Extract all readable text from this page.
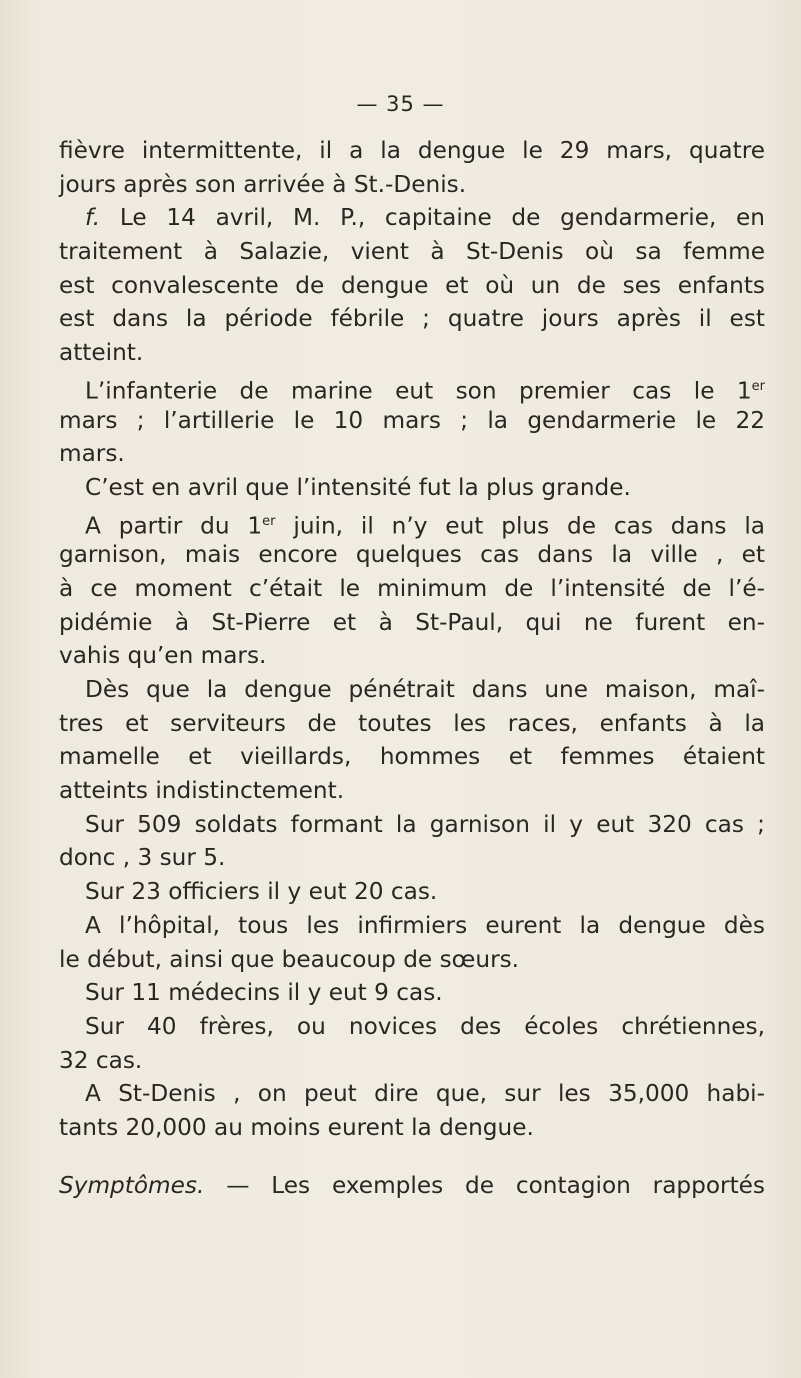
— 35 —
fièvre intermittente, il a la dengue le 29 mars, quatre
jours après son arrivée à St.-Denis.
f. Le 14 avril, M. P., capitaine de gendarmerie, en
traitement à Salazie, vient à St-Denis où sa femme
est convalescente de dengue et où un de ses enfants
est dans la période fébrile ; quatre jours après il est
atteint.
L’infanterie de marine eut son premier cas le 1er
mars ; l’artillerie le 10 mars ; la gendarmerie le 22
mars.
C’est en avril que l’intensité fut la plus grande.
A partir du 1er juin, il n’y eut plus de cas dans la
garnison, mais encore quelques cas dans la ville , et
à ce moment c’était le minimum de l’intensité de l’é-
pidémie à St-Pierre et à St-Paul, qui ne furent en-
vahis qu’en mars.
Dès que la dengue pénétrait dans une maison, maî-
tres et serviteurs de toutes les races, enfants à la
mamelle et vieillards, hommes et femmes étaient
atteints indistinctement.
Sur 509 soldats formant la garnison il y eut 320 cas ;
donc , 3 sur 5.
Sur 23 officiers il y eut 20 cas.
A l’hôpital, tous les infirmiers eurent la dengue dès
le début, ainsi que beaucoup de sœurs.
Sur 11 médecins il y eut 9 cas.
Sur 40 frères, ou novices des écoles chrétiennes,
32 cas.
A St-Denis , on peut dire que, sur les 35,000 habi-
tants 20,000 au moins eurent la dengue.
Symptômes. — Les exemples de contagion rapportés
